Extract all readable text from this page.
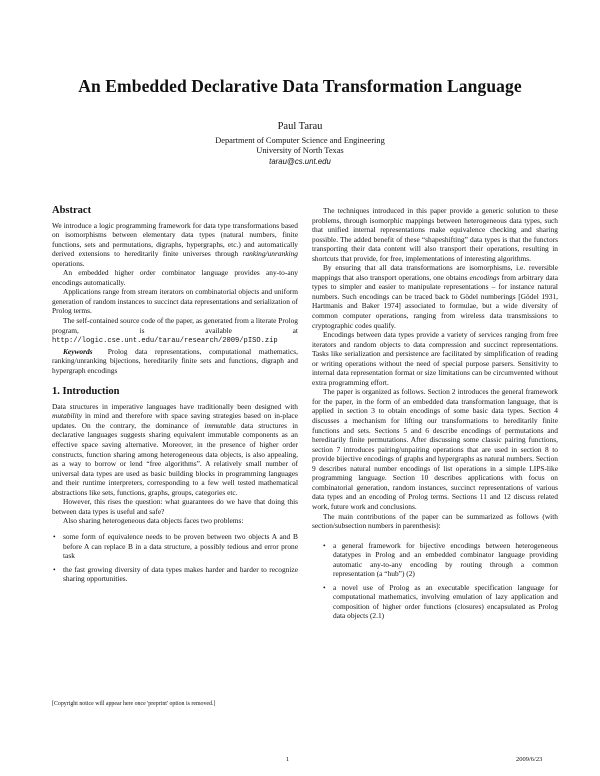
An Embedded Declarative Data Transformation Language
Paul Tarau
Department of Computer Science and Engineering
University of North Texas
tarau@cs.unt.edu
Abstract

We introduce a logic programming framework for data type transformations based on isomorphisms between elementary data types (natural numbers, finite functions, sets and permutations, digraphs, hypergraphs, etc.) and automatically derived extensions to hereditarily finite universes through ranking/unranking operations.

An embedded higher order combinator language provides any-to-any encodings automatically.

Applications range from stream iterators on combinatorial objects and uniform generation of random instances to succinct data representations and serialization of Prolog terms.

The self-contained source code of the paper, as generated from a literate Prolog program, is available at http://logic.cse.unt.edu/tarau/research/2009/pISO.zip

Keywords Prolog data representations, computational mathematics, ranking/unranking bijections, hereditarily finite sets and functions, digraph and hypergraph encodings

1. Introduction

Data structures in imperative languages have traditionally been designed with mutability in mind and therefore with space saving strategies based on in-place updates. On the contrary, the dominance of immutable data structures in declarative languages suggests sharing equivalent immutable components as an effective space saving alternative. Moreover, in the presence of higher order constructs, function sharing among heterogeneous data objects, is also appealing, as a way to borrow or lend “free algorithms”. A relatively small number of universal data types are used as basic building blocks in programming languages and their runtime interpreters, corresponding to a few well tested mathematical abstractions like sets, functions, graphs, groups, categories etc.

However, this rises the question: what guarantees do we have that doing this between data types is useful and safe?

Also sharing heterogeneous data objects faces two problems:

• some form of equivalence needs to be proven between two objects A and B before A can replace B in a data structure, a possibly tedious and error prone task
• the fast growing diversity of data types makes harder and harder to recognize sharing opportunities.

The techniques introduced in this paper provide a generic solution to these problems, through isomorphic mappings between heterogeneous data types, such that unified internal representations make equivalence checking and sharing possible. The added benefit of these “shapeshifting” data types is that the functors transporting their data content will also transport their operations, resulting in shortcuts that provide, for free, implementations of interesting algorithms.

By ensuring that all data transformations are isomorphisms, i.e. reversible mappings that also transport operations, one obtains encodings from arbitrary data types to simpler and easier to manipulate representations – for instance natural numbers. Such encodings can be traced back to Gödel numberings [Gödel 1931, Hartmanis and Baker 1974] associated to formulae, but a wide diversity of common computer operations, ranging from wireless data transmissions to cryptographic codes qualify.

Encodings between data types provide a variety of services ranging from free iterators and random objects to data compression and succinct representations. Tasks like serialization and persistence are facilitated by simplification of reading or writing operations without the need of special purpose parsers. Sensitivity to internal data representation format or size limitations can be circumvented without extra programming effort.

The paper is organized as follows. Section 2 introduces the general framework for the paper, in the form of an embedded data transformation language, that is applied in section 3 to obtain encodings of some basic data types. Section 4 discusses a mechanism for lifting our transformations to hereditarily finite functions and sets. Sections 5 and 6 describe encodings of permutations and hereditarily finite permutations. After discussing some classic pairing functions, section 7 introduces pairing/unpairing operations that are used in section 8 to provide bijective encodings of graphs and hypergraphs as natural numbers. Section 9 describes natural number encodings of list operations in a simple LIPS-like programming language. Section 10 describes applications with focus on combinatorial generation, random instances, succinct representations of various data types and an encoding of Prolog terms. Sections 11 and 12 discuss related work, future work and conclusions.

The main contributions of the paper can be summarized as follows (with section/subsection numbers in parenthesis):

• a general framework for bijective encodings between heterogeneous datatypes in Prolog and an embedded combinator language providing automatic any-to-any encoding by routing through a common representation (a “hub”) (2)
• a novel use of Prolog as an executable specification language for computational mathematics, involving emulation of lazy application and composition of higher order functions (closures) encapsulated as Prolog data objects (2.1)
[Copyright notice will appear here once 'preprint' option is removed.]
1	2009/6/23
